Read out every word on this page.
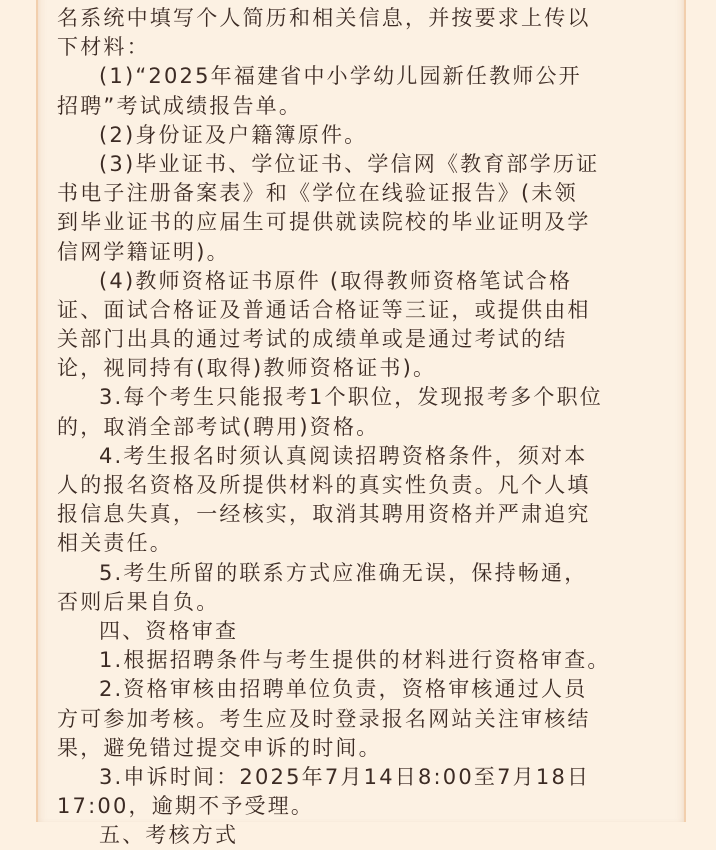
名系统中填写个人简历和相关信息，并按要求上传以
下材料：
(1)“2025年福建省中小学幼儿园新任教师公开
招聘”考试成绩报告单。
(2)身份证及户籍簿原件。
(3)毕业证书、学位证书、学信网《教育部学历证
书电子注册备案表》和《学位在线验证报告》(未领
到毕业证书的应届生可提供就读院校的毕业证明及学
信网学籍证明)。
(4)教师资格证书原件 (取得教师资格笔试合格
证、面试合格证及普通话合格证等三证，或提供由相
关部门出具的通过考试的成绩单或是通过考试的结
论，视同持有(取得)教师资格证书)。
3.每个考生只能报考1个职位，发现报考多个职位
的，取消全部考试(聘用)资格。
4.考生报名时须认真阅读招聘资格条件，须对本
人的报名资格及所提供材料的真实性负责。凡个人填
报信息失真，一经核实，取消其聘用资格并严肃追究
相关责任。
5.考生所留的联系方式应准确无误，保持畅通，
否则后果自负。
四、资格审查
1.根据招聘条件与考生提供的材料进行资格审查。
2.资格审核由招聘单位负责，资格审核通过人员
方可参加考核。考生应及时登录报名网站关注审核结
果，避免错过提交申诉的时间。
3.申诉时间：2025年7月14日8:00至7月18日
17:00，逾期不予受理。
五、考核方式
